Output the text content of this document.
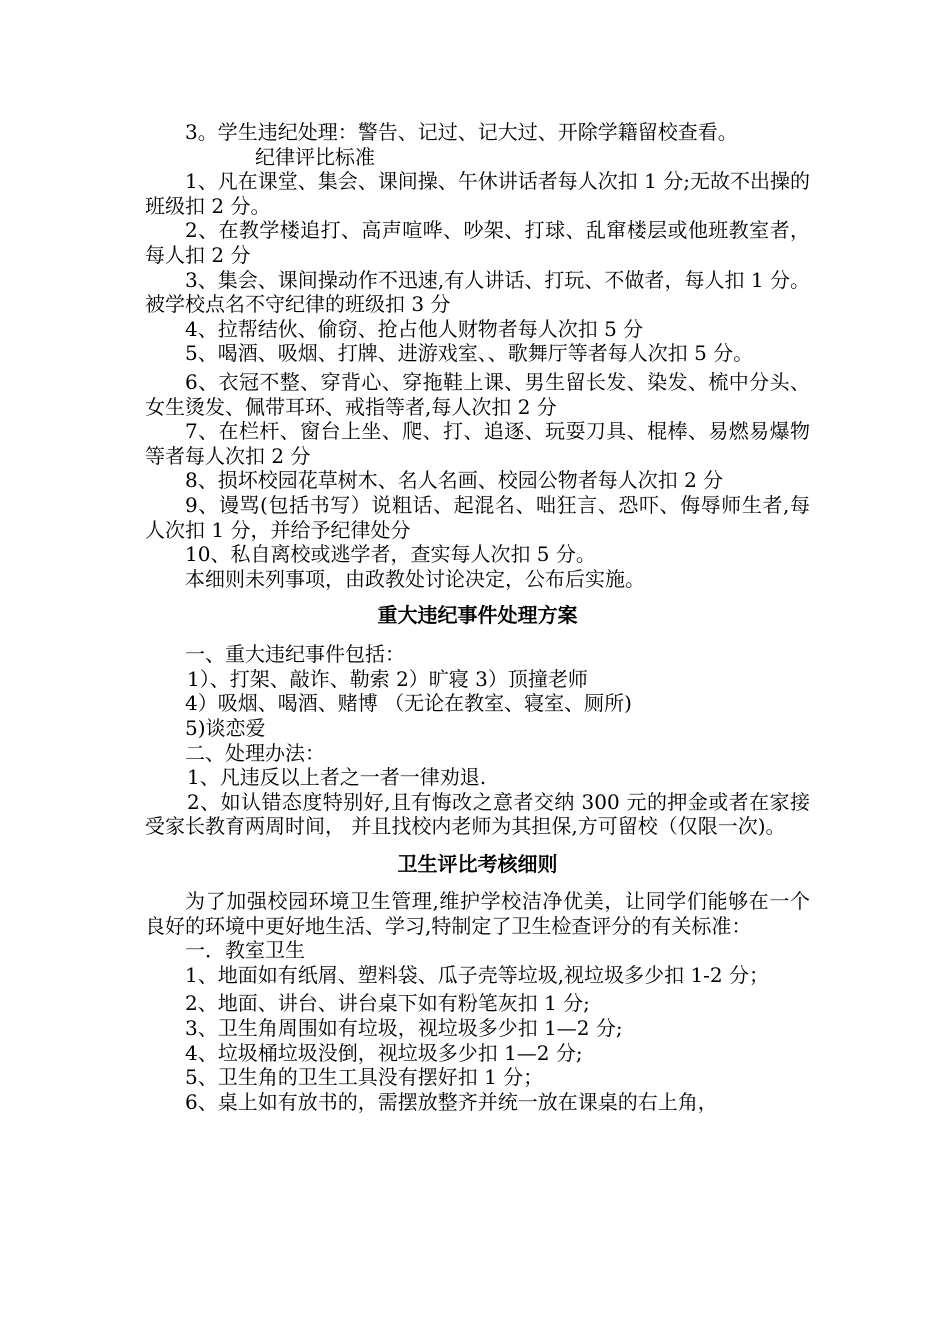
3。学生违纪处理：警告、记过、记大过、开除学籍留校查看。

纪律评比标准

1、凡在课堂、集会、课间操、午休讲话者每人次扣 1 分;无故不出操的班级扣 2 分。

2、在教学楼追打、高声喧哗、吵架、打球、乱窜楼层或他班教室者，每人扣 2 分

3、集会、课间操动作不迅速,有人讲话、打玩、不做者，每人扣 1 分。被学校点名不守纪律的班级扣 3 分

4、拉帮结伙、偷窃、抢占他人财物者每人次扣 5 分

5、喝酒、吸烟、打牌、进游戏室、、歌舞厅等者每人次扣 5 分。

6、衣冠不整、穿背心、穿拖鞋上课、男生留长发、染发、梳中分头、女生烫发、佩带耳环、戒指等者,每人次扣 2 分

7、在栏杆、窗台上坐、爬、打、追逐、玩耍刀具、棍棒、易燃易爆物等者每人次扣 2 分

8、损坏校园花草树木、名人名画、校园公物者每人次扣 2 分

9、谩骂(包括书写）说粗话、起混名、咄狂言、恐吓、侮辱师生者,每人次扣 1 分，并给予纪律处分

10、私自离校或逃学者，查实每人次扣 5 分。

本细则未列事项，由政教处讨论决定，公布后实施。

重大违纪事件处理方案

一、重大违纪事件包括：

1）、打架、敲诈、勒索 2）旷寝 3）顶撞老师

4）吸烟、喝酒、赌博 （无论在教室、寝室、厕所)

5)谈恋爱

二、处理办法：

1、凡违反以上者之一者一律劝退.

2、如认错态度特别好,且有悔改之意者交纳 300 元的押金或者在家接受家长教育两周时间， 并且找校内老师为其担保,方可留校（仅限一次)。

卫生评比考核细则

为了加强校园环境卫生管理,维护学校洁净优美，让同学们能够在一个良好的环境中更好地生活、学习,特制定了卫生检查评分的有关标准：

一．教室卫生

1、地面如有纸屑、塑料袋、瓜子壳等垃圾,视垃圾多少扣 1-2 分；

2、地面、讲台、讲台桌下如有粉笔灰扣 1 分;

3、卫生角周围如有垃圾，视垃圾多少扣 1—2 分;

4、垃圾桶垃圾没倒，视垃圾多少扣 1—2 分;

5、卫生角的卫生工具没有摆好扣 1 分；

6、桌上如有放书的，需摆放整齐并统一放在课桌的右上角，
